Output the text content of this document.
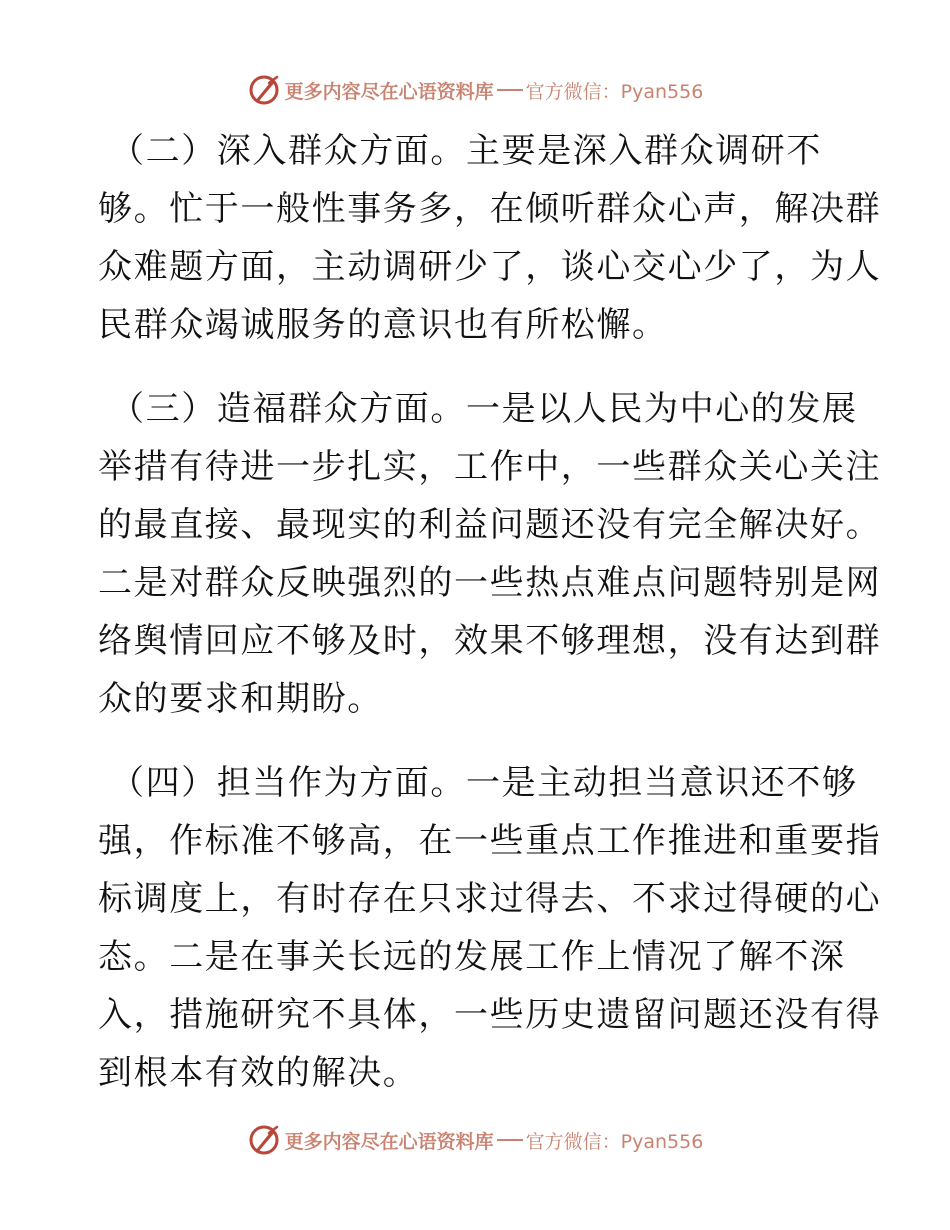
更多内容尽在心语资料库 官方微信：Pyan556

（二）深入群众方面。主要是深入群众调研不
够。忙于一般性事务多，在倾听群众心声，解决群
众难题方面，主动调研少了，谈心交心少了，为人
民群众竭诚服务的意识也有所松懈。

（三）造福群众方面。一是以人民为中心的发展
举措有待进一步扎实，工作中，一些群众关心关注
的最直接、最现实的利益问题还没有完全解决好。
二是对群众反映强烈的一些热点难点问题特别是网
络舆情回应不够及时，效果不够理想，没有达到群
众的要求和期盼。

（四）担当作为方面。一是主动担当意识还不够
强，作标准不够高，在一些重点工作推进和重要指
标调度上，有时存在只求过得去、不求过得硬的心
态。二是在事关长远的发展工作上情况了解不深
入，措施研究不具体，一些历史遗留问题还没有得
到根本有效的解决。

更多内容尽在心语资料库 官方微信：Pyan556
